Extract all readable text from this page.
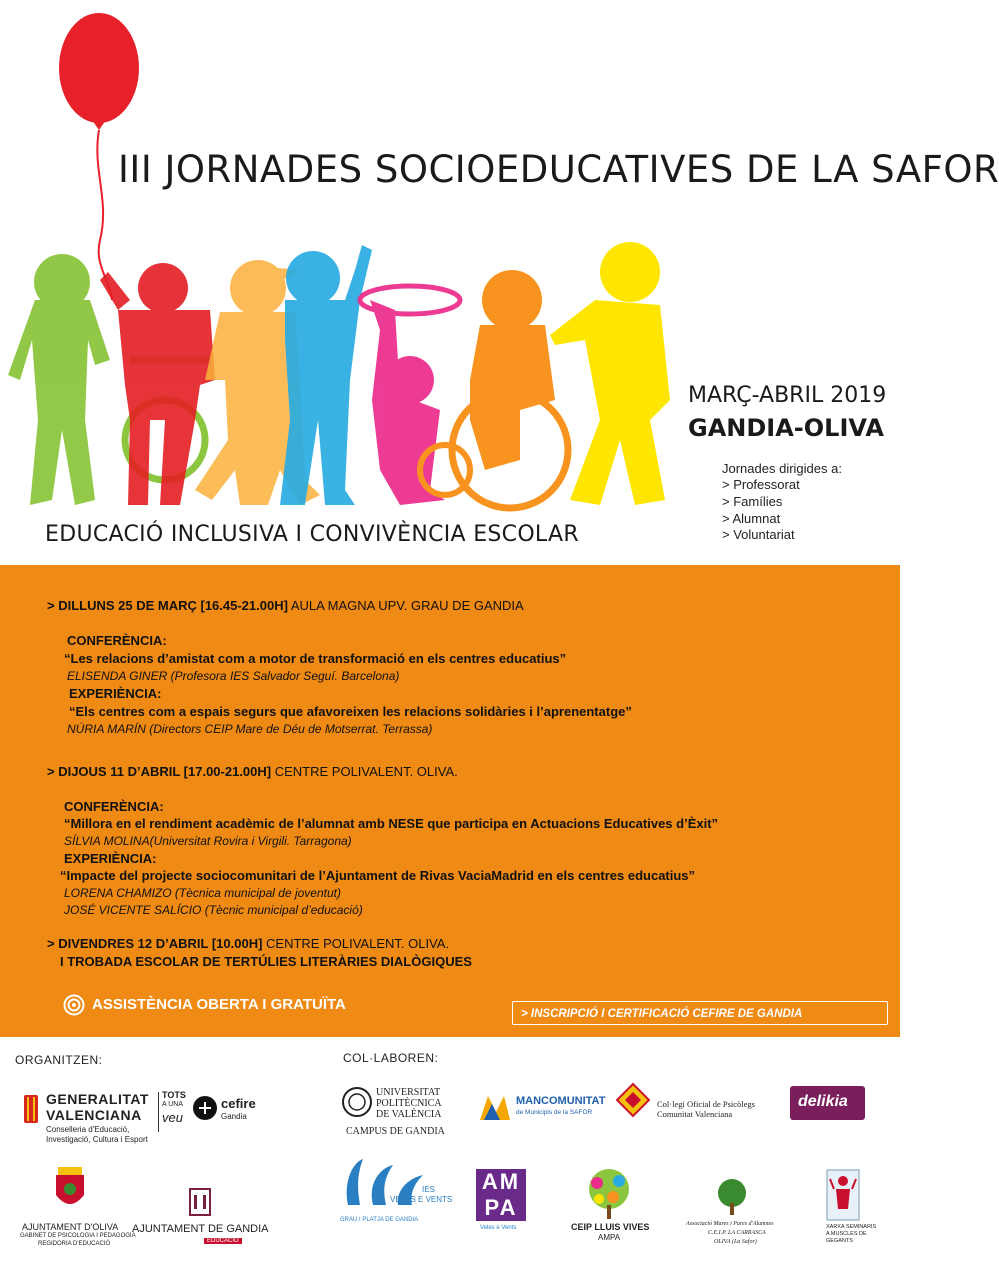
III JORNADES SOCIOEDUCATIVES DE LA SAFOR
MARÇ-ABRIL 2019
GANDIA-OLIVA
Jornades dirigides a:
> Professorat
> Famílies
> Alumnat
> Voluntariat
EDUCACIÓ INCLUSIVA I CONVIVÈNCIA ESCOLAR
> DILLUNS 25 DE MARÇ [16.45-21.00H] AULA MAGNA UPV. GRAU DE GANDIA
CONFERÈNCIA:
“Les relacions d’amistat com a motor de transformació en els centres educatius”
ELISENDA GINER (Profesora IES Salvador Seguí. Barcelona)
EXPERIÈNCIA:
“Els centres com a espais segurs que afavoreixen les relacions solidàries i l’aprenentatge”
NÚRIA MARÍN (Directors CEIP Mare de Déu de Motserrat. Terrassa)
> DIJOUS 11 D’ABRIL [17.00-21.00H] CENTRE POLIVALENT. OLIVA.
CONFERÈNCIA:
“Millora en el rendiment acadèmic de l’alumnat amb NESE que participa en Actuacions Educatives d’Èxit”
SÍLVIA MOLINA(Universitat Rovira i Virgili. Tarragona)
EXPERIÈNCIA:
“Impacte del projecte sociocomunitari de l’Ajuntament de Rivas VaciaMadrid en els centres educatius”
LORENA CHAMIZO (Tècnica municipal de joventut)
JOSÉ VICENTE SALÍCIO (Tècnic municipal d’educació)
> DIVENDRES 12 D’ABRIL [10.00H] CENTRE POLIVALENT. OLIVA.
I TROBADA ESCOLAR DE TERTÚLIES LITERÀRIES DIALÒGIQUES
ASSISTÈNCIA OBERTA I GRATUÏTA
> INSCRIPCIÓ I CERTIFICACIÓ CEFIRE DE GANDIA
ORGANITZEN:	COL·LABOREN:
GENERALITAT
VALENCIANA
Conselleria d'Educació,
Investigació, Cultura i Esport
TOTS
A UNA
veu
cefire
Gandia
AJUNTAMENT D'OLIVA
GABINET DE PSICOLOGIA I PEDAGOGIA
REGIDORIA D'EDUCACIÓ
AJUNTAMENT DE GANDIA
EDUCACIÓ
UNIVERSITAT
POLITÈCNICA
DE VALÈNCIA
CAMPUS DE GANDIA
MANCOMUNITAT
de Municipis de la SAFOR
Col·legi Oficial de Psicòlegs
Comunitat Valenciana
delikia
IES
VELES E VENTS
GRAU I PLATJA DE GANDIA
AMPA
Veles e Vents	CEIP LLUIS VIVES
AMPA
Associació Mares i Pares d'Alumnes
C.E.I.P. LA CARRASCA
OLIVA (La Safor)
XARXA SEMINARIS
A MUSCLES DE
GEGANTS
